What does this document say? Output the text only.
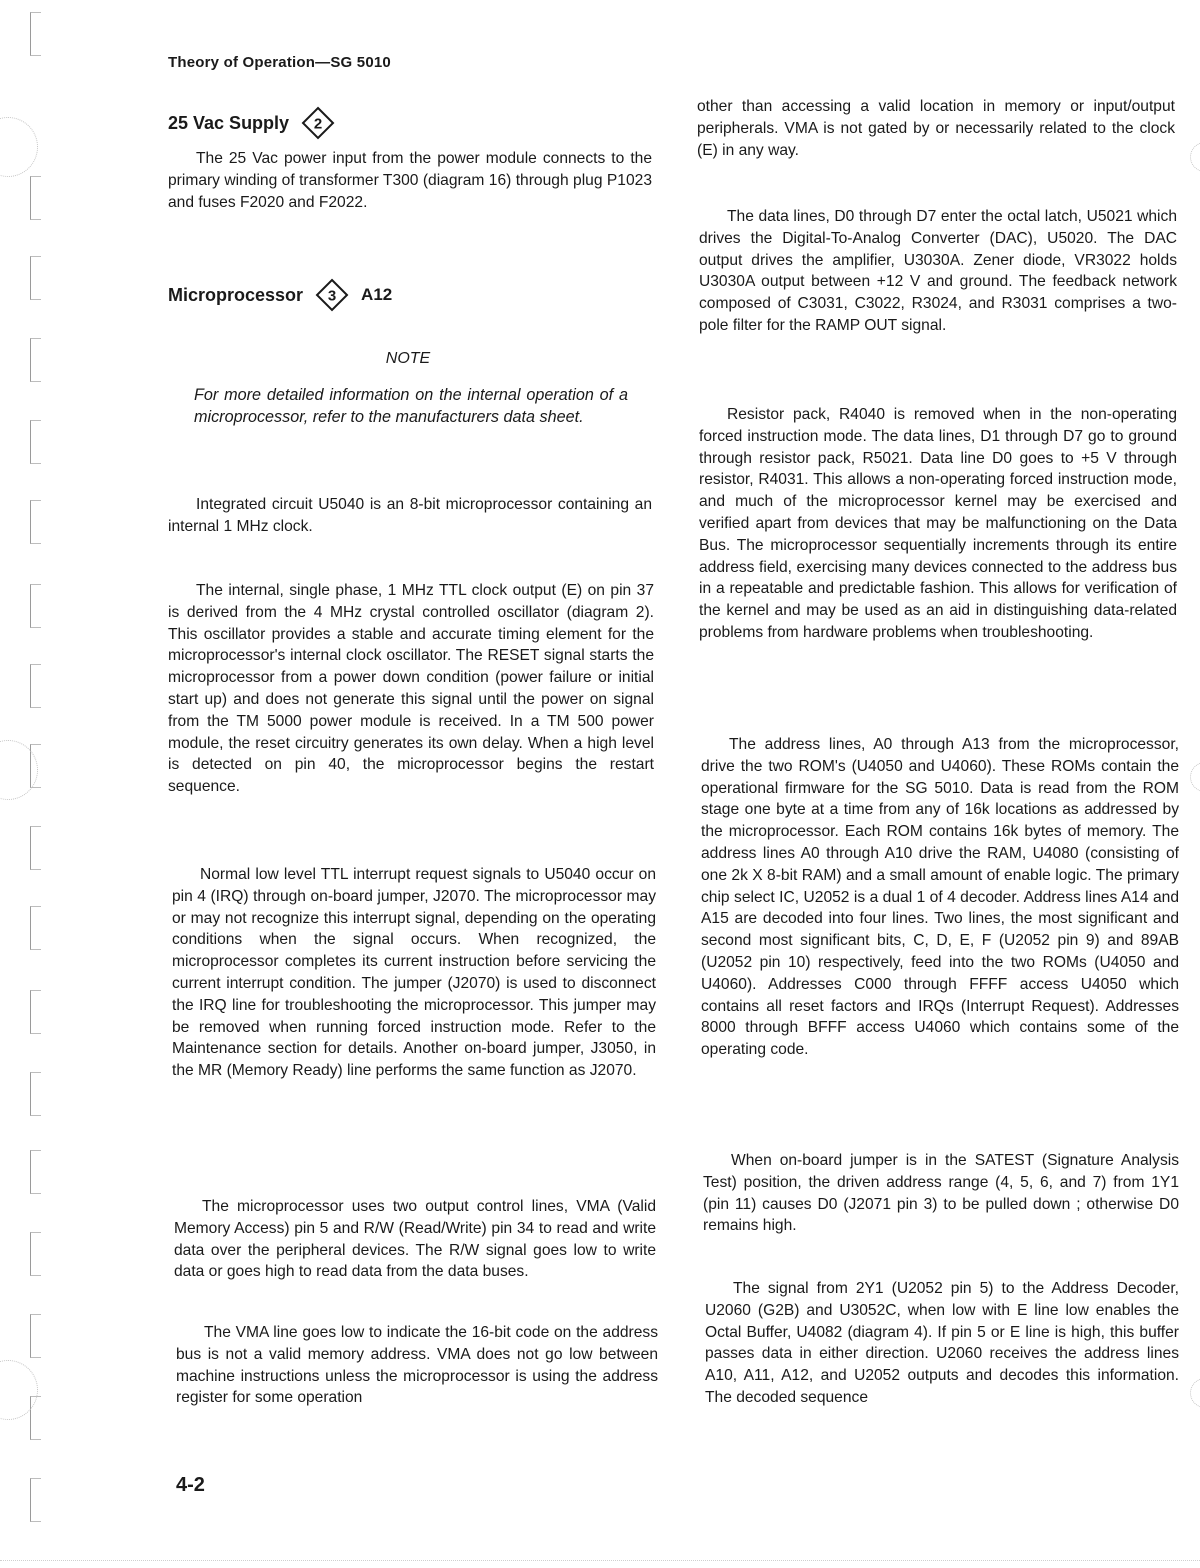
Theory of Operation—SG 5010
25 Vac Supply 2

The 25 Vac power input from the power module connects to the primary winding of transformer T300 (diagram 16) through plug P1023 and fuses F2020 and F2022.

Microprocessor 3 A12
NOTE

For more detailed information on the internal operation of a microprocessor, refer to the manufacturers data sheet.

Integrated circuit U5040 is an 8-bit microprocessor containing an internal 1 MHz clock.

The internal, single phase, 1 MHz TTL clock output (E) on pin 37 is derived from the 4 MHz crystal controlled oscillator (diagram 2). This oscillator provides a stable and accurate timing element for the microprocessor's internal clock oscillator. The RESET signal starts the microprocessor from a power down condition (power failure or initial start up) and does not generate this signal until the power on signal from the TM 5000 power module is received. In a TM 500 power module, the reset circuitry generates its own delay. When a high level is detected on pin 40, the microprocessor begins the restart sequence.

Normal low level TTL interrupt request signals to U5040 occur on pin 4 (IRQ) through on-board jumper, J2070. The microprocessor may or may not recognize this interrupt signal, depending on the operating conditions when the signal occurs. When recognized, the microprocessor completes its current instruction before servicing the current interrupt condition. The jumper (J2070) is used to disconnect the IRQ line for troubleshooting the microprocessor. This jumper may be removed when running forced instruction mode. Refer to the Maintenance section for details. Another on-board jumper, J3050, in the MR (Memory Ready) line performs the same function as J2070.

The microprocessor uses two output control lines, VMA (Valid Memory Access) pin 5 and R/W (Read/Write) pin 34 to read and write data over the peripheral devices. The R/W signal goes low to write data or goes high to read data from the data buses.

The VMA line goes low to indicate the 16-bit code on the address bus is not a valid memory address. VMA does not go low between machine instructions unless the microprocessor is using the address register for some operation

other than accessing a valid location in memory or input/output peripherals. VMA is not gated by or necessarily related to the clock (E) in any way.

The data lines, D0 through D7 enter the octal latch, U5021 which drives the Digital-To-Analog Converter (DAC), U5020. The DAC output drives the amplifier, U3030A. Zener diode, VR3022 holds U3030A output between +12 V and ground. The feedback network composed of C3031, C3022, R3024, and R3031 comprises a two-pole filter for the RAMP OUT signal.

Resistor pack, R4040 is removed when in the non-operating forced instruction mode. The data lines, D1 through D7 go to ground through resistor pack, R5021. Data line D0 goes to +5 V through resistor, R4031. This allows a non-operating forced instruction mode, and much of the microprocessor kernel may be exercised and verified apart from devices that may be malfunctioning on the Data Bus. The microprocessor sequentially increments through its entire address field, exercising many devices connected to the address bus in a repeatable and predictable fashion. This allows for verification of the kernel and may be used as an aid in distinguishing data-related problems from hardware problems when troubleshooting.

The address lines, A0 through A13 from the microprocessor, drive the two ROM's (U4050 and U4060). These ROMs contain the operational firmware for the SG 5010. Data is read from the ROM stage one byte at a time from any of 16k locations as addressed by the microprocessor. Each ROM contains 16k bytes of memory. The address lines A0 through A10 drive the RAM, U4080 (consisting of one 2k X 8-bit RAM) and a small amount of enable logic. The primary chip select IC, U2052 is a dual 1 of 4 decoder. Address lines A14 and A15 are decoded into four lines. Two lines, the most significant and second most significant bits, C, D, E, F (U2052 pin 9) and 89AB (U2052 pin 10) respectively, feed into the two ROMs (U4050 and U4060). Addresses C000 through FFFF access U4050 which contains all reset factors and IRQs (Interrupt Request). Addresses 8000 through BFFF access U4060 which contains some of the operating code.

When on-board jumper is in the SATEST (Signature Analysis Test) position, the driven address range (4, 5, 6, and 7) from 1Y1 (pin 11) causes D0 (J2071 pin 3) to be pulled down ; otherwise D0 remains high.

The signal from 2Y1 (U2052 pin 5) to the Address Decoder, U2060 (G2B) and U3052C, when low with E line low enables the Octal Buffer, U4082 (diagram 4). If pin 5 or E line is high, this buffer passes data in either direction. U2060 receives the address lines A10, A11, A12, and U2052 outputs and decodes this information. The decoded sequence

4-2
